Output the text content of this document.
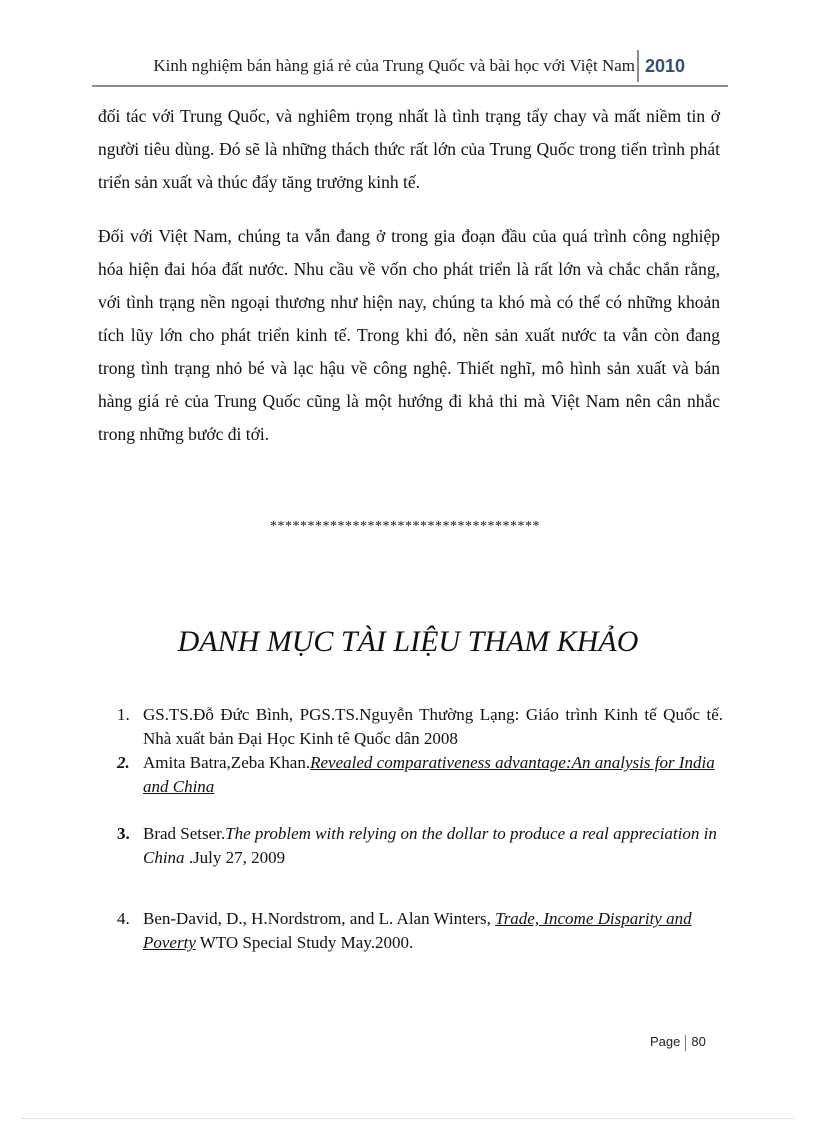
Kinh nghiệm bán hàng giá rẻ của Trung Quốc và bài học với Việt Nam 2010

đối tác với Trung Quốc, và nghiêm trọng nhất là tình trạng tẩy chay và mất niềm tin ở người tiêu dùng. Đó sẽ là những thách thức rất lớn của Trung Quốc trong tiến trình phát triển sản xuất và thúc đẩy tăng trưởng kinh tế.

Đối với Việt Nam, chúng ta vẫn đang ở trong gia đoạn đầu của quá trình công nghiệp hóa hiện đai hóa đất nước. Nhu cầu về vốn cho phát triển là rất lớn và chắc chắn rằng, với tình trạng nền ngoại thương như hiện nay, chúng ta khó mà có thể có những khoản tích lũy lớn cho phát triển kinh tế. Trong khi đó, nền sản xuất nước ta vẫn còn đang trong tình trạng nhỏ bé và lạc hậu về công nghệ. Thiết nghĩ, mô hình sản xuất và bán hàng giá rẻ của Trung Quốc cũng là một hướng đi khả thi mà Việt Nam nên cân nhắc trong những bước đi tới.

************************************
DANH MỤC TÀI LIỆU THAM KHẢO
1. GS.TS.Đỗ Đức Bình, PGS.TS.Nguyễn Thường Lạng: Giáo trình Kinh tế Quốc tế. Nhà xuất bản Đại Học Kinh tê Quốc dân 2008
2. Amita Batra,Zeba Khan.Revealed comparativeness advantage:An analysis for India and China
3. Brad Setser.The problem with relying on the dollar to produce a real appreciation in China .July 27, 2009
4. Ben-David, D., H.Nordstrom, and L. Alan Winters, Trade, Income Disparity and Poverty WTO Special Study May.2000.
Page 80
